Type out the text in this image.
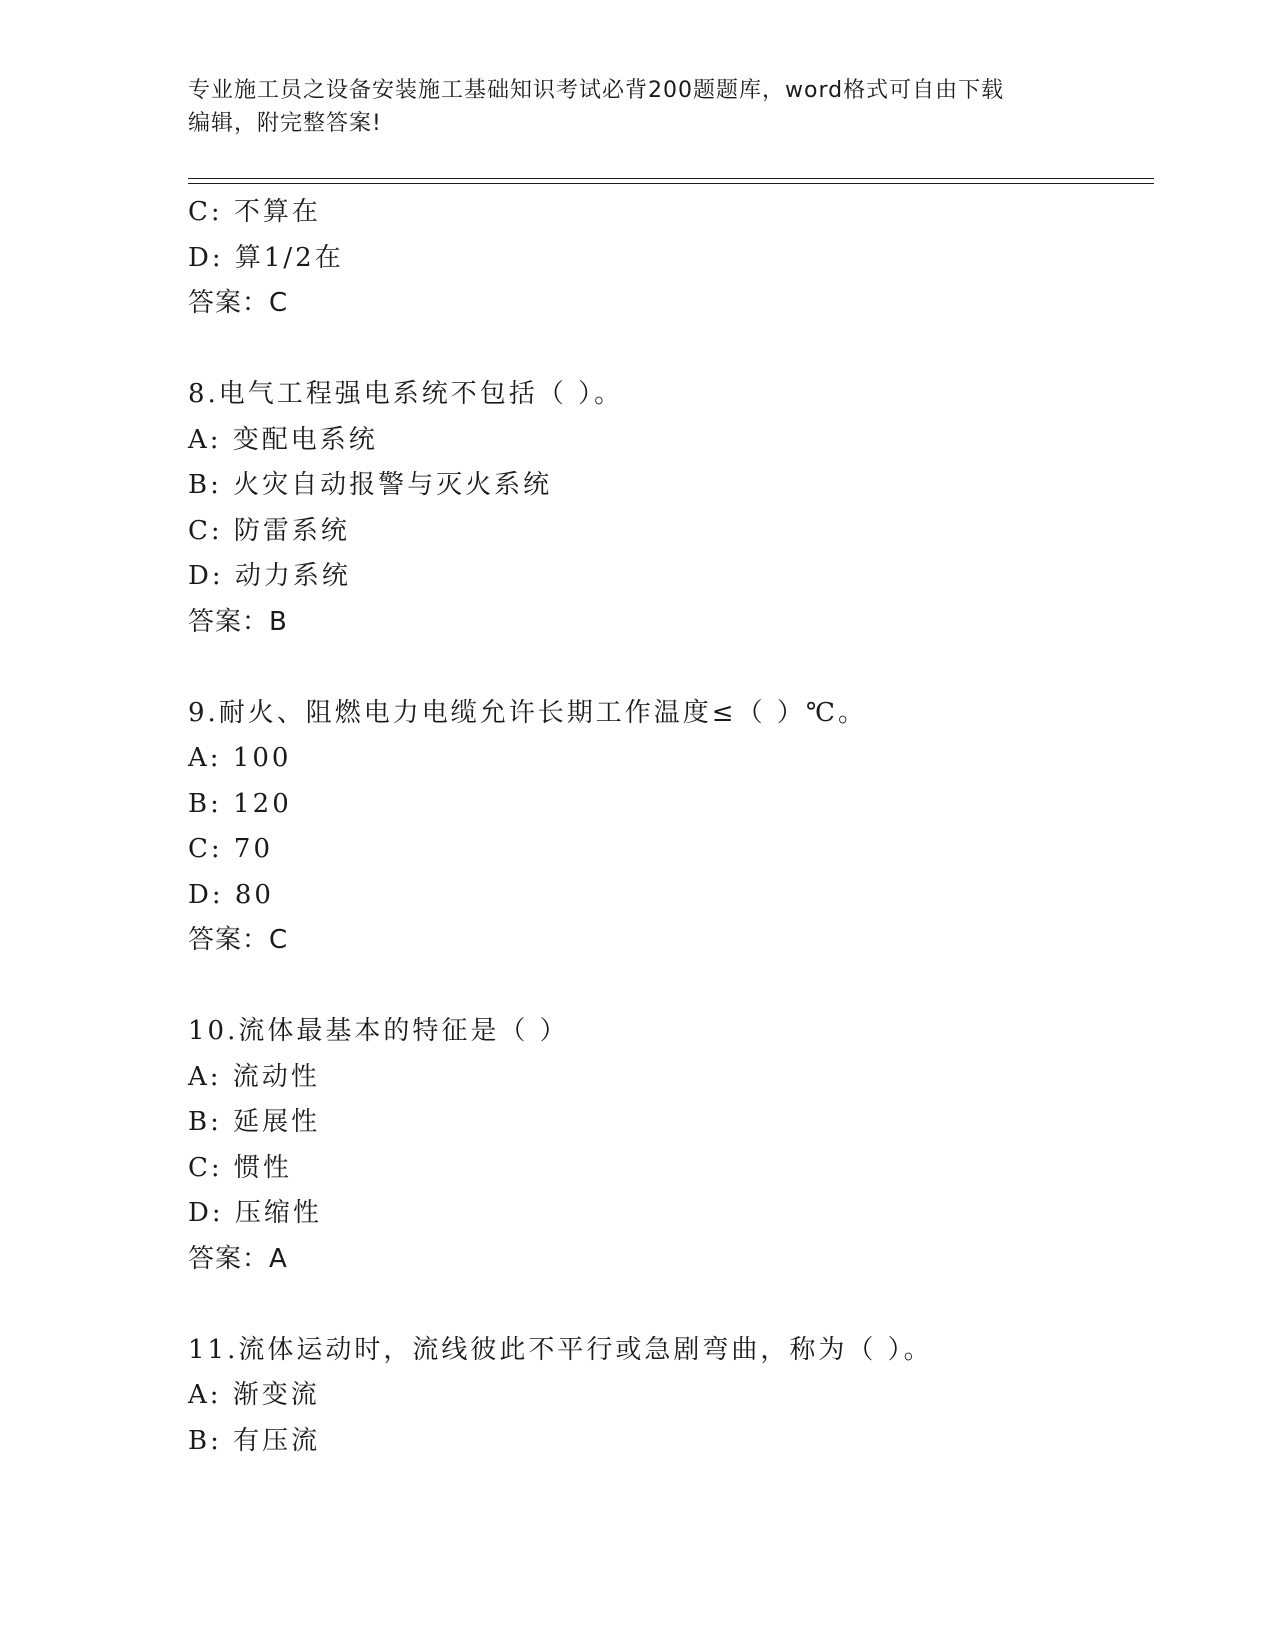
专业施工员之设备安装施工基础知识考试必背200题题库，word格式可自由下载
编辑，附完整答案!
C: 不算在
D: 算1/2在
答案：C
8.电气工程强电系统不包括（ ）。
A: 变配电系统
B: 火灾自动报警与灭火系统
C: 防雷系统
D: 动力系统
答案：B
9.耐火、阻燃电力电缆允许长期工作温度≤（ ）℃。
A: 100
B: 120
C: 70
D: 80
答案：C
10.流体最基本的特征是（ ）
A: 流动性
B: 延展性
C: 惯性
D: 压缩性
答案：A
11.流体运动时，流线彼此不平行或急剧弯曲，称为（ ）。
A: 渐变流
B: 有压流
